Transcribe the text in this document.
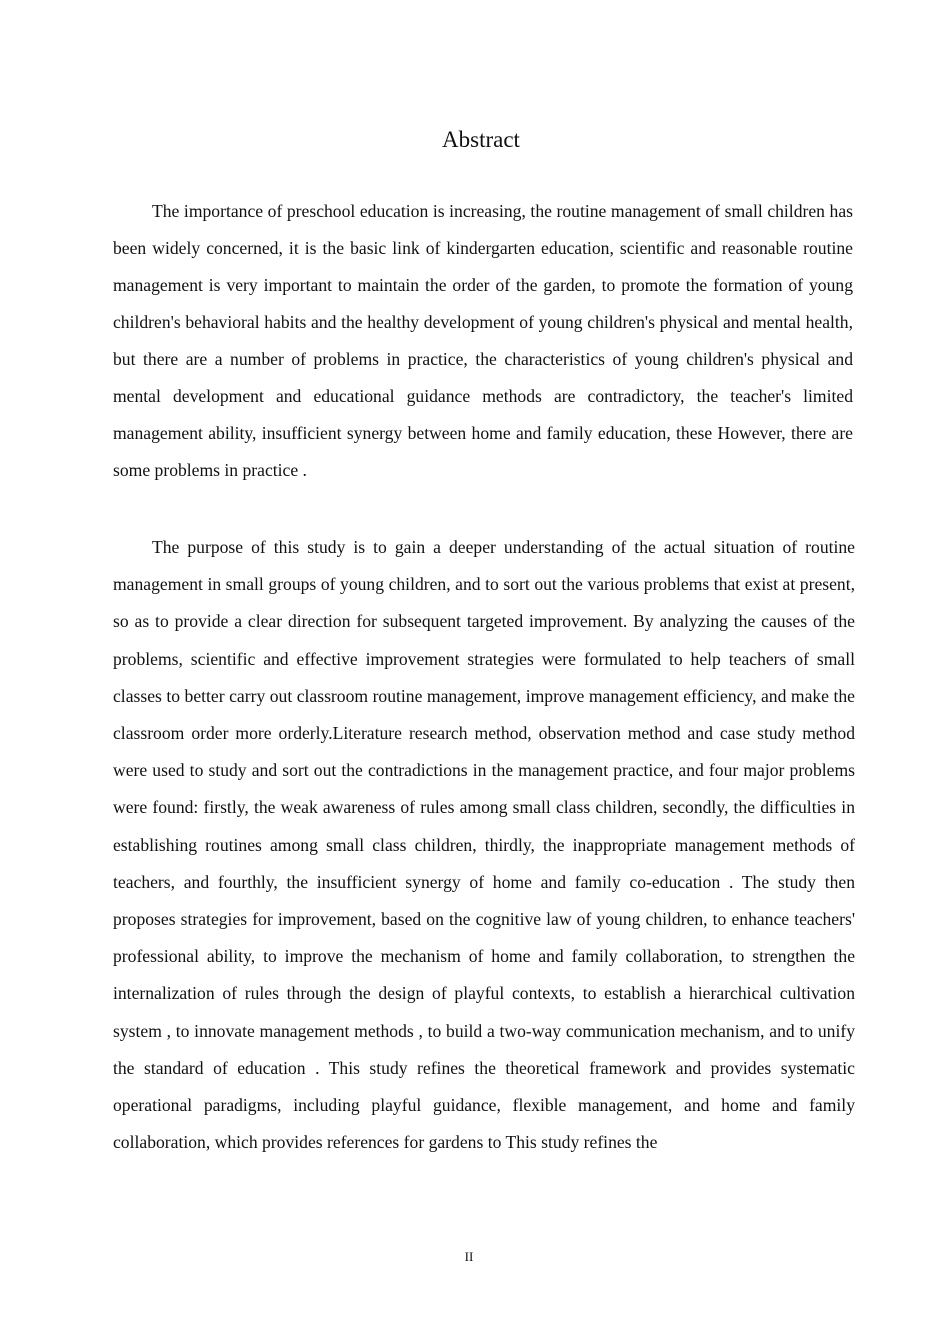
Abstract

The importance of preschool education is increasing, the routine management of small children has been widely concerned, it is the basic link of kindergarten education, scientific and reasonable routine management is very important to maintain the order of the garden, to promote the formation of young children's behavioral habits and the healthy development of young children's physical and mental health, but there are a number of problems in practice, the characteristics of young children's physical and mental development and educational guidance methods are contradictory, the teacher's limited management ability, insufficient synergy between home and family education, these However, there are some problems in practice .

The purpose of this study is to gain a deeper understanding of the actual situation of routine management in small groups of young children, and to sort out the various problems that exist at present, so as to provide a clear direction for subsequent targeted improvement. By analyzing the causes of the problems, scientific and effective improvement strategies were formulated to help teachers of small classes to better carry out classroom routine management, improve management efficiency, and make the classroom order more orderly.Literature research method, observation method and case study method were used to study and sort out the contradictions in the management practice, and four major problems were found: firstly, the weak awareness of rules among small class children, secondly, the difficulties in establishing routines among small class children, thirdly, the inappropriate management methods of teachers, and fourthly, the insufficient synergy of home and family co-education . The study then proposes strategies for improvement, based on the cognitive law of young children, to enhance teachers' professional ability, to improve the mechanism of home and family collaboration, to strengthen the internalization of rules through the design of playful contexts, to establish a hierarchical cultivation system , to innovate management methods , to build a two-way communication mechanism, and to unify the standard of education . This study refines the theoretical framework and provides systematic operational paradigms, including playful guidance, flexible management, and home and family collaboration, which provides references for gardens to This study refines the

II
